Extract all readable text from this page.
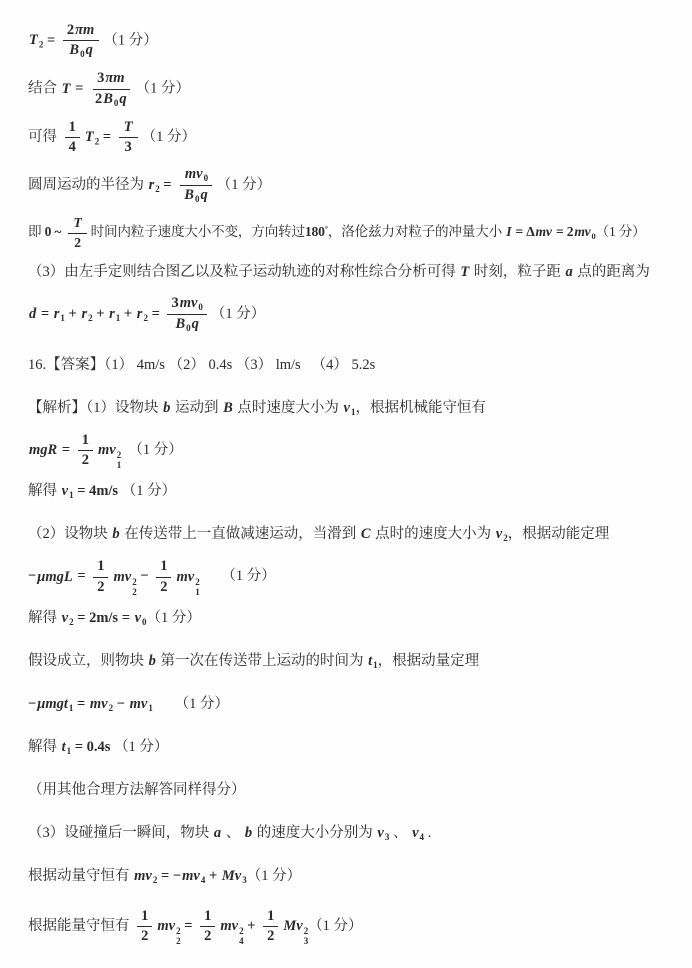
$T_2 = \frac{2\pi m}{B_0q} (1$ 分）
结合 $T = \frac{3\pi m}{2B_0q} (1$ 分）
可得 $\frac{1}{4} T_2 = \frac{T}{3} (1$ 分）
圆周运动的半径为 $r_2 = \frac{mv_0}{B_0q} (1$ 分）
即 0 ~ $\frac{T}{2}$ 时间内粒子速度大小不变，方向转过180°，洛伦兹力对粒子的冲量大小 $I = \Delta mv = 2mv_0(1$ 分）
（3）由左手定则结合图乙以及粒子运动轨迹的对称性综合分析可得 T 时刻，粒子距 a 点的距离为
$d = r_1 + r_2 + r_1 + r_2 = \frac{3mv_0}{B_0q} (1$ 分）
16.【答案】（1） 4m/s （2） 0.4s （3） lm/s 　（4） 5.2s
【解析】（1）设物块 b 运动到 B 点时速度大小为 $v_1$，根据机械能守恒有
mgR = $\frac{1}{2}$ mv 2
1
　（1 分）
解得 $v_1 = 4m/s$ （1 分）
（2）设物块 b 在传送带上一直做减速运动，当滑到 C 点时的速度大小为 $v_2$，根据动能定理
$-\mu mgL = \frac{1}{2}$ mv 2
2
− $\frac{1}{2}$ mv 2
1
　　（1 分）
解得 $v_2 = 2m/s = v_0(1$ 分）
假设成立，则物块 b 第一次在传送带上运动的时间为 $t_1$，根据动量定理
$-\mu mgt_1 = mv_2 - mv_1$　　（1 分）
解得 $t_1 = 0.4s$ （1 分）
（用其他合理方法解答同样得分）
（3）设碰撞后一瞬间，物块 a 、 b 的速度大小分别为 $v_3$ 、 $v_4$ .
根据动量守恒有 $mv_2 = -mv_4 + Mv_3(1$ 分）
根据能量守恒有 $\frac{1}{2}$ mv 2
2
= $\frac{1}{2}$ mv 2
4
+ $\frac{1}{2}$ Mv 2
3
（1 分）
